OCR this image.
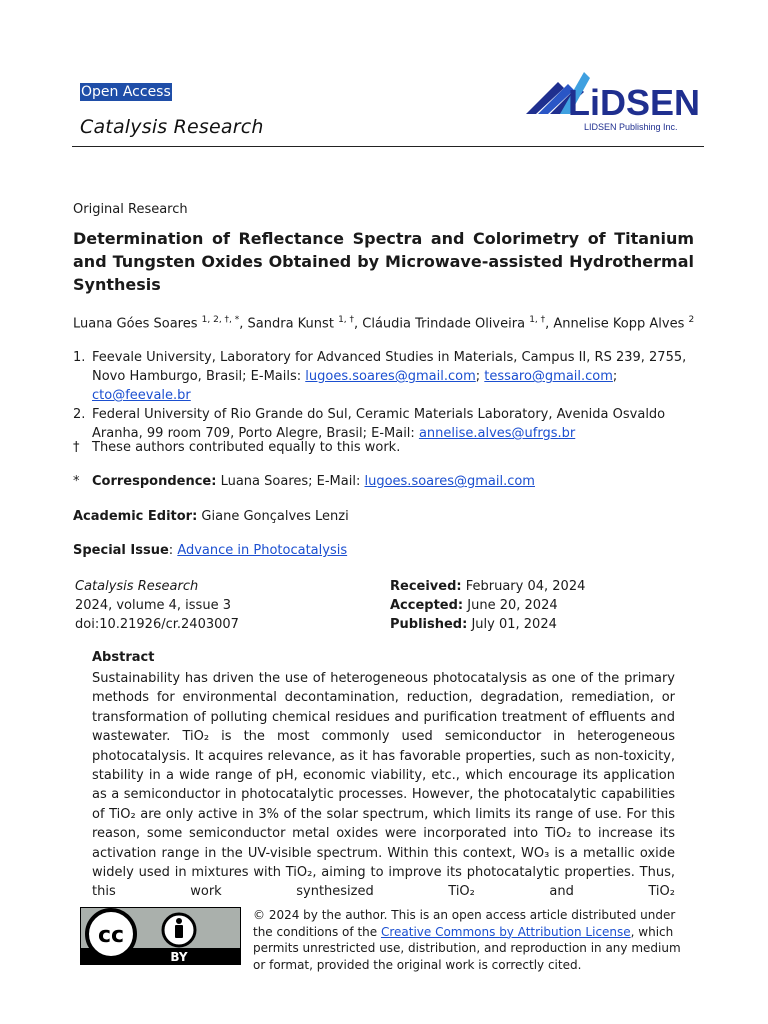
Open Access
Catalysis Research
LiDSEN
LIDSEN Publishing Inc.
Original Research
Determination of Reflectance Spectra and Colorimetry of Titanium and Tungsten Oxides Obtained by Microwave-assisted Hydrothermal Synthesis
Luana Góes Soares $^{1, 2, \dagger, *}$, Sandra Kunst $^{1, \dagger}$, Cláudia Trindade Oliveira $^{1, \dagger}$, Annelise Kopp Alves $^2$

1. Feevale University, Laboratory for Advanced Studies in Materials, Campus II, RS 239, 2755, Novo Hamburgo, Brasil; E-Mails: lugoes.soares@gmail.com; tessaro@gmail.com; cto@feevale.br

2. Federal University of Rio Grande do Sul, Ceramic Materials Laboratory, Avenida Osvaldo Aranha, 99 room 709, Porto Alegre, Brasil; E-Mail: annelise.alves@ufrgs.br

† These authors contributed equally to this work.
* Correspondence: Luana Soares; E-Mail: lugoes.soares@gmail.com
Academic Editor: Giane Gonçalves Lenzi
Special Issue: Advance in Photocatalysis
Catalysis Research
2024, volume 4, issue 3
doi:10.21926/cr.2403007
Received: February 04, 2024
Accepted: June 20, 2024
Published: July 01, 2024
Abstract
Sustainability has driven the use of heterogeneous photocatalysis as one of the primary methods for environmental decontamination, reduction, degradation, remediation, or transformation of polluting chemical residues and purification treatment of effluents and wastewater. TiO₂ is the most commonly used semiconductor in heterogeneous photocatalysis. It acquires relevance, as it has favorable properties, such as non-toxicity, stability in a wide range of pH, economic viability, etc., which encourage its application as a semiconductor in photocatalytic processes. However, the photocatalytic capabilities of TiO₂ are only active in 3% of the solar spectrum, which limits its range of use. For this reason, some semiconductor metal oxides were incorporated into TiO₂ to increase its activation range in the UV-visible spectrum. Within this context, WO₃ is a metallic oxide widely used in mixtures with TiO₂, aiming to improve its photocatalytic properties. Thus, this work synthesized TiO₂ and TiO₂
cc
BY
© 2024 by the author. This is an open access article distributed under the conditions of the Creative Commons by Attribution License, which permits unrestricted use, distribution, and reproduction in any medium or format, provided the original work is correctly cited.
